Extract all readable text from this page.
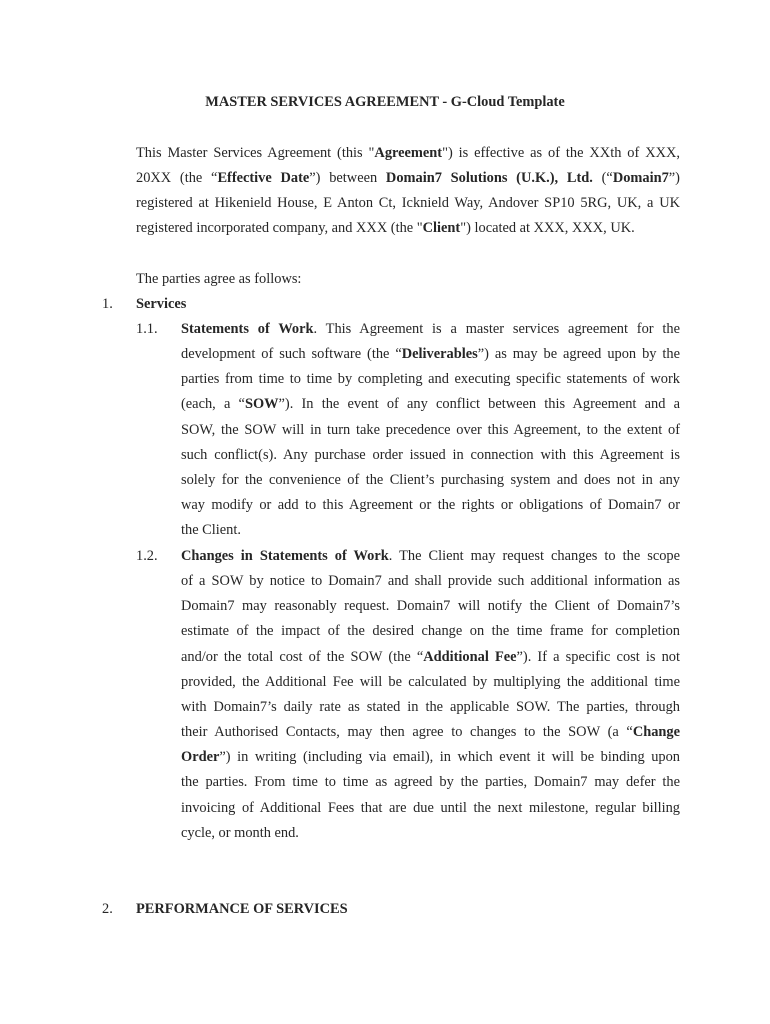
MASTER SERVICES AGREEMENT - G-Cloud Template

This Master Services Agreement (this "Agreement") is effective as of the XXth of XXX,
20XX (the “Effective Date”) between Domain7 Solutions (U.K.), Ltd. (“Domain7”)
registered at Hikenield House, E Anton Ct, Icknield Way, Andover SP10 5RG, UK, a UK
registered incorporated company, and XXX (the "Client") located at XXX, XXX, UK.

The parties agree as follows:
1. Services
1.1. Statements of Work. This Agreement is a master services agreement for the
development of such software (the “Deliverables”) as may be agreed upon by the
parties from time to time by completing and executing specific statements of work
(each, a “SOW”). In the event of any conflict between this Agreement and a
SOW, the SOW will in turn take precedence over this Agreement, to the extent of
such conflict(s). Any purchase order issued in connection with this Agreement is
solely for the convenience of the Client’s purchasing system and does not in any
way modify or add to this Agreement or the rights or obligations of Domain7 or
the Client.

1.2. Changes in Statements of Work. The Client may request changes to the scope
of a SOW by notice to Domain7 and shall provide such additional information as
Domain7 may reasonably request. Domain7 will notify the Client of Domain7’s
estimate of the impact of the desired change on the time frame for completion
and/or the total cost of the SOW (the “Additional Fee”). If a specific cost is not
provided, the Additional Fee will be calculated by multiplying the additional time
with Domain7’s daily rate as stated in the applicable SOW. The parties, through
their Authorised Contacts, may then agree to changes to the SOW (a “Change
Order”) in writing (including via email), in which event it will be binding upon
the parties. From time to time as agreed by the parties, Domain7 may defer the
invoicing of Additional Fees that are due until the next milestone, regular billing
cycle, or month end.

2. PERFORMANCE OF SERVICES
